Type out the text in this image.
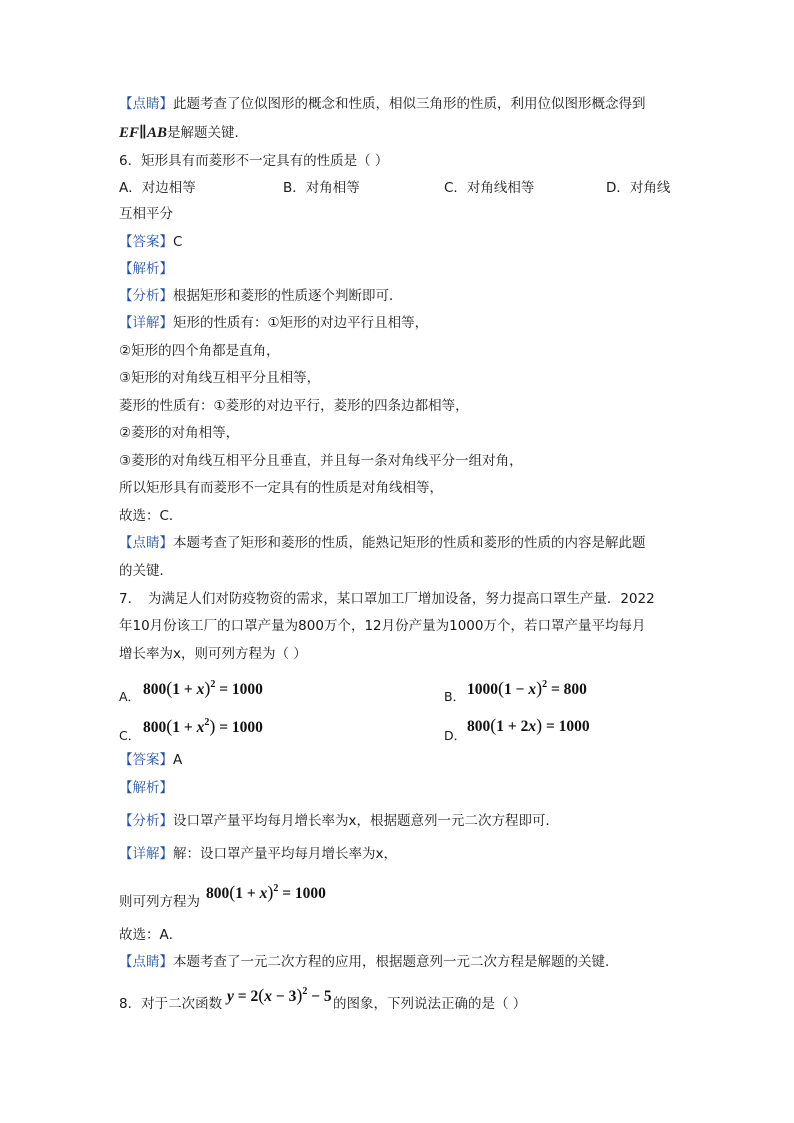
【点睛】此题考查了位似图形的概念和性质，相似三角形的性质，利用位似图形概念得到
EF∥AB是解题关键．
6．矩形具有而菱形不一定具有的性质是（ ）
A．对边相等	B．对角相等	C．对角线相等	D．对角线
互相平分
【答案】C
【解析】
【分析】根据矩形和菱形的性质逐个判断即可．
【详解】矩形的性质有：①矩形的对边平行且相等，
②矩形的四个角都是直角，
③矩形的对角线互相平分且相等，
菱形的性质有：①菱形的对边平行，菱形的四条边都相等，
②菱形的对角相等，
③菱形的对角线互相平分且垂直，并且每一条对角线平分一组对角，
所以矩形具有而菱形不一定具有的性质是对角线相等，
故选：C．
【点睛】本题考查了矩形和菱形的性质，能熟记矩形的性质和菱形的性质的内容是解此题
的关键．
7．　为满足人们对防疫物资的需求，某口罩加工厂增加设备，努力提高口罩生产量．2022
年10月份该工厂的口罩产量为800万个，12月份产量为1000万个，若口罩产量平均每月
增长率为x，则可列方程为（ ）
A． $800(1 + x)^2 = 1000$	B． $1000(1 - x)^2 = 800$
C． $800(1 + x^2) = 1000$	D．
800(1 + 2x) = 1000
【答案】A
【解析】
【分析】设口罩产量平均每月增长率为x，根据题意列一元二次方程即可．
【详解】解：设口罩产量平均每月增长率为x，
则可列方程为 $800(1 + x)^2 = 1000$
故选：A．
【点睛】本题考查了一元二次方程的应用，根据题意列一元二次方程是解题的关键．
8．对于二次函数 $y = 2(x - 3)^2 - 5$ 的图象，下列说法正确的是（ ）
